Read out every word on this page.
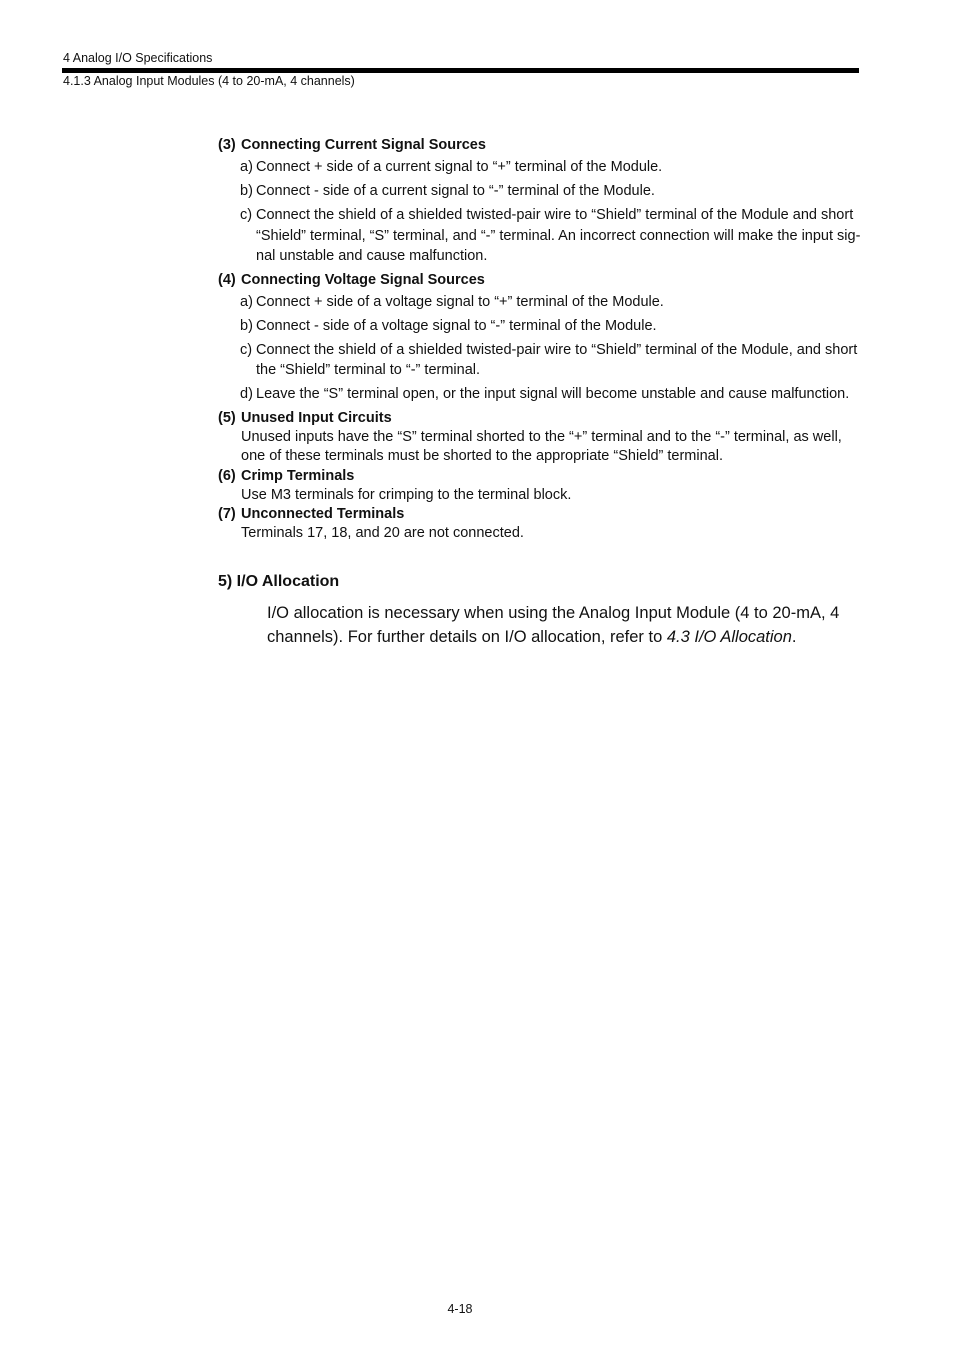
4 Analog I/O Specifications
4.1.3 Analog Input Modules (4 to 20-mA, 4 channels)
(3) Connecting Current Signal Sources
a) Connect + side of a current signal to “+” terminal of the Module.
b) Connect - side of a current signal to “-” terminal of the Module.
c) Connect the shield of a shielded twisted-pair wire to “Shield” terminal of the Module and short “Shield” terminal, “S” terminal, and “-” terminal. An incorrect connection will make the input sig-nal unstable and cause malfunction.
(4) Connecting Voltage Signal Sources
a) Connect + side of a voltage signal to “+” terminal of the Module.
b) Connect - side of a voltage signal to “-” terminal of the Module.
c) Connect the shield of a shielded twisted-pair wire to “Shield” terminal of the Module, and short the “Shield” terminal to “-” terminal.
d) Leave the “S” terminal open, or the input signal will become unstable and cause malfunction.
(5) Unused Input Circuits
Unused inputs have the “S” terminal shorted to the “+” terminal and to the “-” terminal, as well, one of these terminals must be shorted to the appropriate “Shield” terminal.
(6) Crimp Terminals
Use M3 terminals for crimping to the terminal block.
(7) Unconnected Terminals
Terminals 17, 18, and 20 are not connected.
5) I/O Allocation
I/O allocation is necessary when using the Analog Input Module (4 to 20-mA, 4 channels). For further details on I/O allocation, refer to 4.3 I/O Allocation.
4-18
